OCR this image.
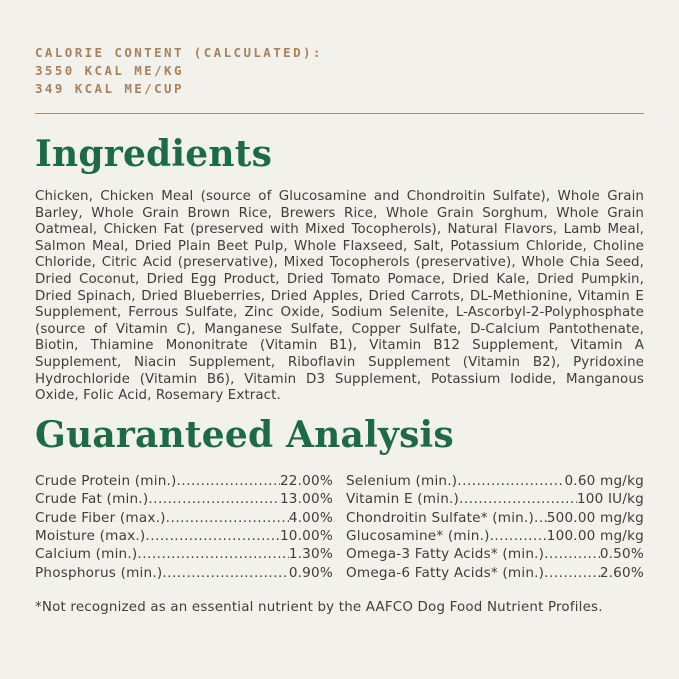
CALORIE CONTENT (CALCULATED):
3550 KCAL ME/KG
349 KCAL ME/CUP
Ingredients

Chicken, Chicken Meal (source of Glucosamine and Chondroitin Sulfate), Whole Grain Barley, Whole Grain Brown Rice, Brewers Rice, Whole Grain Sorghum, Whole Grain Oatmeal, Chicken Fat (preserved with Mixed Tocopherols), Natural Flavors, Lamb Meal, Salmon Meal, Dried Plain Beet Pulp, Whole Flaxseed, Salt, Potassium Chloride, Choline Chloride, Citric Acid (preservative), Mixed Tocopherols (preservative), Whole Chia Seed, Dried Coconut, Dried Egg Product, Dried Tomato Pomace, Dried Kale, Dried Pumpkin, Dried Spinach, Dried Blueberries, Dried Apples, Dried Carrots, DL-Methionine, Vitamin E Supplement, Ferrous Sulfate, Zinc Oxide, Sodium Selenite, L-Ascorbyl-2-Polyphosphate (source of Vitamin C), Manganese Sulfate, Copper Sulfate, D-Calcium Pantothenate, Biotin, Thiamine Mononitrate (Vitamin B1), Vitamin B12 Supplement, Vitamin A Supplement, Niacin Supplement, Riboflavin Supplement (Vitamin B2), Pyridoxine Hydrochloride (Vitamin B6), Vitamin D3 Supplement, Potassium Iodide, Manganous Oxide, Folic Acid, Rosemary Extract.

Guaranteed Analysis
Crude Protein (min.) .....	22.00%
Crude Fat (min.) .....	13.00%
Crude Fiber (max.) .....	4.00%
Moisture (max.) .....	10.00%
Calcium (min.) .....	1.30%
Phosphorus (min.) .....	0.90%
Selenium (min.) .....	0.60 mg/kg
Vitamin E (min.) .....	100 IU/kg
Chondroitin Sulfate* (min.) ..... 500.00 mg/kg
Glucosamine* (min.) .....	100.00 mg/kg
Omega-3 Fatty Acids* (min.) .....	0.50%
Omega-6 Fatty Acids* (min.) .....	2.60%

*Not recognized as an essential nutrient by the AAFCO Dog Food Nutrient Profiles.
